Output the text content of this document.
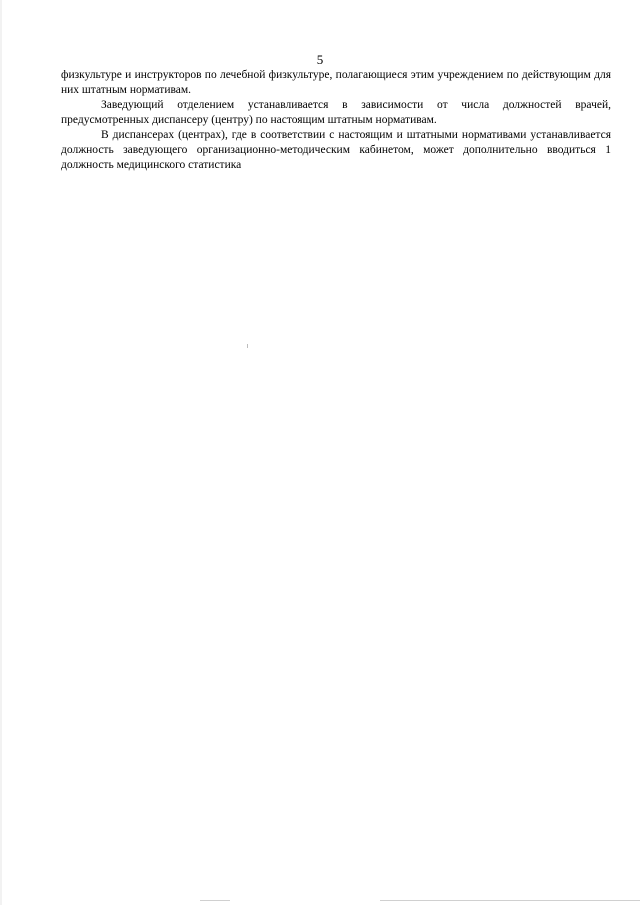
5

физкультуре и инструкторов по лечебной физкультуре, полагающиеся этим учреждением по действующим для них штатным нормативам.

Заведующий отделением устанавливается в зависимости от числа должностей врачей, предусмотренных диспансеру (центру) по настоящим штатным нормативам.

В диспансерах (центрах), где в соответствии с настоящим и штатными нормативами устанавливается должность заведующего организационно-методическим кабинетом, может дополнительно вводиться 1 должность медицинского статистика
